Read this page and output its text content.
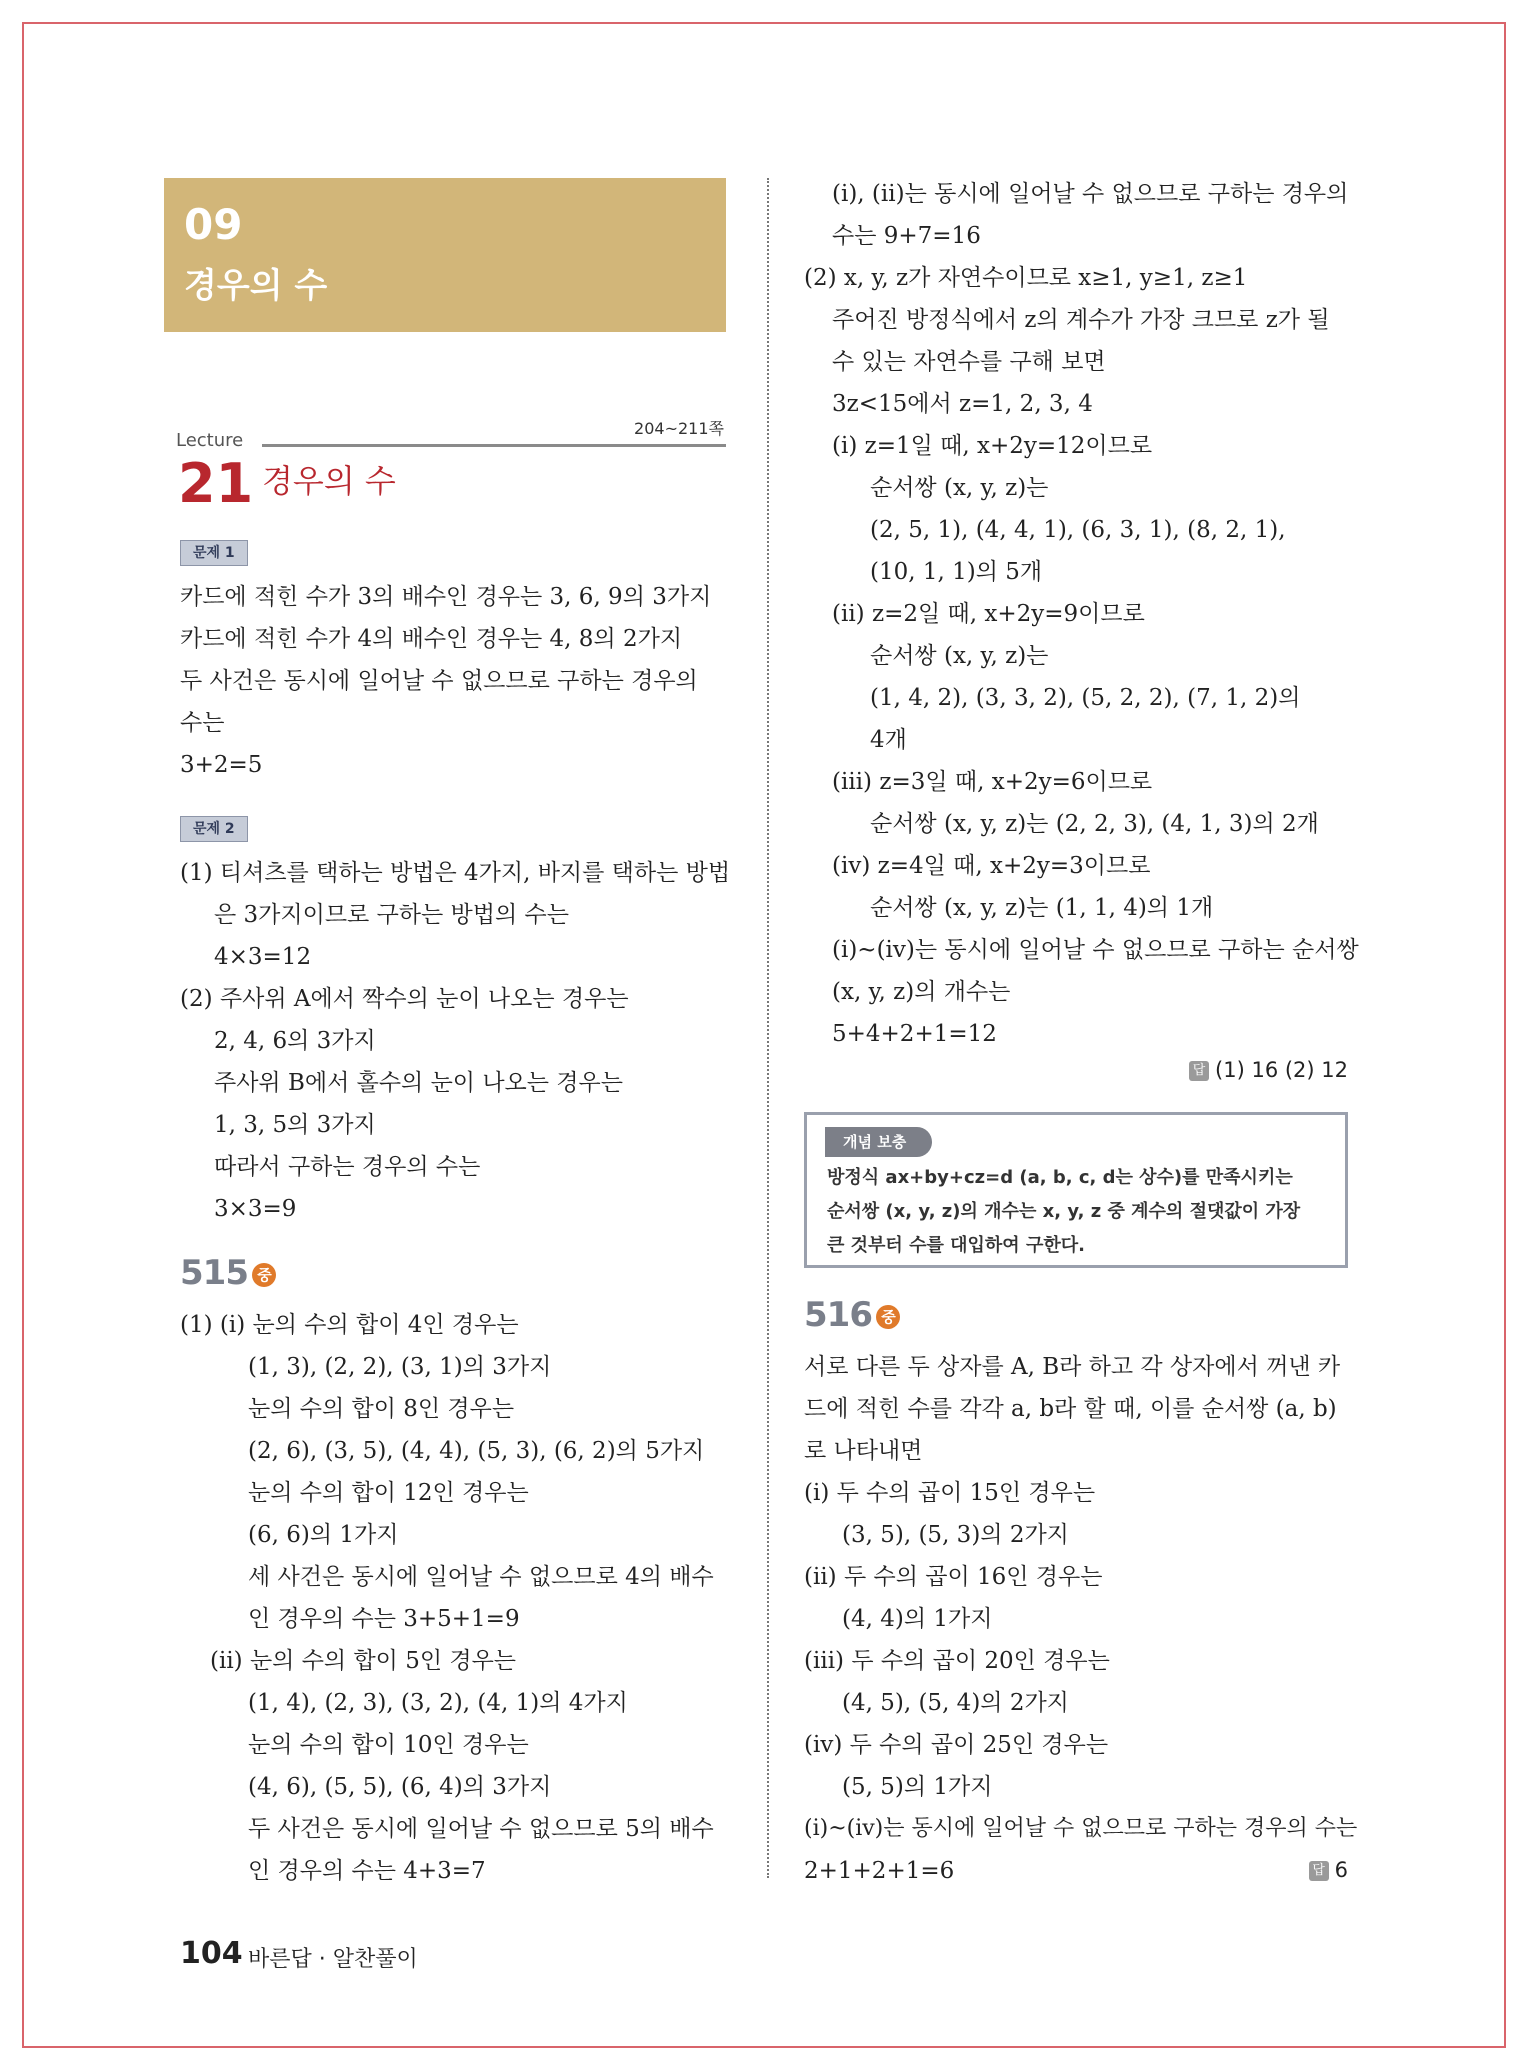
09
경우의 수
Lecture
204~211쪽
21 경우의 수
문제 1
카드에 적힌 수가 3의 배수인 경우는 3, 6, 9의 3가지
카드에 적힌 수가 4의 배수인 경우는 4, 8의 2가지
두 사건은 동시에 일어날 수 없으므로 구하는 경우의
수는
3+2=5
문제 2
(1) 티셔츠를 택하는 방법은 4가지, 바지를 택하는 방법
은 3가지이므로 구하는 방법의 수는
4×3=12
(2) 주사위 A에서 짝수의 눈이 나오는 경우는
2, 4, 6의 3가지
주사위 B에서 홀수의 눈이 나오는 경우는
1, 3, 5의 3가지
따라서 구하는 경우의 수는
3×3=9
515 중
(1) (ⅰ) 눈의 수의 합이 4인 경우는
(1, 3), (2, 2), (3, 1)의 3가지
눈의 수의 합이 8인 경우는
(2, 6), (3, 5), (4, 4), (5, 3), (6, 2)의 5가지
눈의 수의 합이 12인 경우는
(6, 6)의 1가지
세 사건은 동시에 일어날 수 없으므로 4의 배수
인 경우의 수는 3+5+1=9
(ⅱ) 눈의 수의 합이 5인 경우는
(1, 4), (2, 3), (3, 2), (4, 1)의 4가지
눈의 수의 합이 10인 경우는
(4, 6), (5, 5), (6, 4)의 3가지
두 사건은 동시에 일어날 수 없으므로 5의 배수
인 경우의 수는 4+3=7
(ⅰ), (ⅱ)는 동시에 일어날 수 없으므로 구하는 경우의
수는 9+7=16
(2) x, y, z가 자연수이므로 x≥1, y≥1, z≥1
주어진 방정식에서 z의 계수가 가장 크므로 z가 될
수 있는 자연수를 구해 보면
3z<15에서 z=1, 2, 3, 4
(ⅰ) z=1일 때, x+2y=12이므로
순서쌍 (x, y, z)는
(2, 5, 1), (4, 4, 1), (6, 3, 1), (8, 2, 1),
(10, 1, 1)의 5개
(ⅱ) z=2일 때, x+2y=9이므로
순서쌍 (x, y, z)는
(1, 4, 2), (3, 3, 2), (5, 2, 2), (7, 1, 2)의
4개
(ⅲ) z=3일 때, x+2y=6이므로
순서쌍 (x, y, z)는 (2, 2, 3), (4, 1, 3)의 2개
(ⅳ) z=4일 때, x+2y=3이므로
순서쌍 (x, y, z)는 (1, 1, 4)의 1개
(ⅰ)~(ⅳ)는 동시에 일어날 수 없으므로 구하는 순서쌍
(x, y, z)의 개수는
5+4+2+1=12
답 (1) 16 (2) 12
개념 보충
방정식 ax+by+cz=d (a, b, c, d는 상수)를 만족시키는
순서쌍 (x, y, z)의 개수는 x, y, z 중 계수의 절댓값이 가장
큰 것부터 수를 대입하여 구한다.
516 중
서로 다른 두 상자를 A, B라 하고 각 상자에서 꺼낸 카
드에 적힌 수를 각각 a, b라 할 때, 이를 순서쌍 (a, b)
로 나타내면
(ⅰ) 두 수의 곱이 15인 경우는
(3, 5), (5, 3)의 2가지
(ⅱ) 두 수의 곱이 16인 경우는
(4, 4)의 1가지
(ⅲ) 두 수의 곱이 20인 경우는
(4, 5), (5, 4)의 2가지
(ⅳ) 두 수의 곱이 25인 경우는
(5, 5)의 1가지
(ⅰ)~(ⅳ)는 동시에 일어날 수 없으므로 구하는 경우의 수는
2+1+2+1=6	답 6
104 바른답 · 알찬풀이
